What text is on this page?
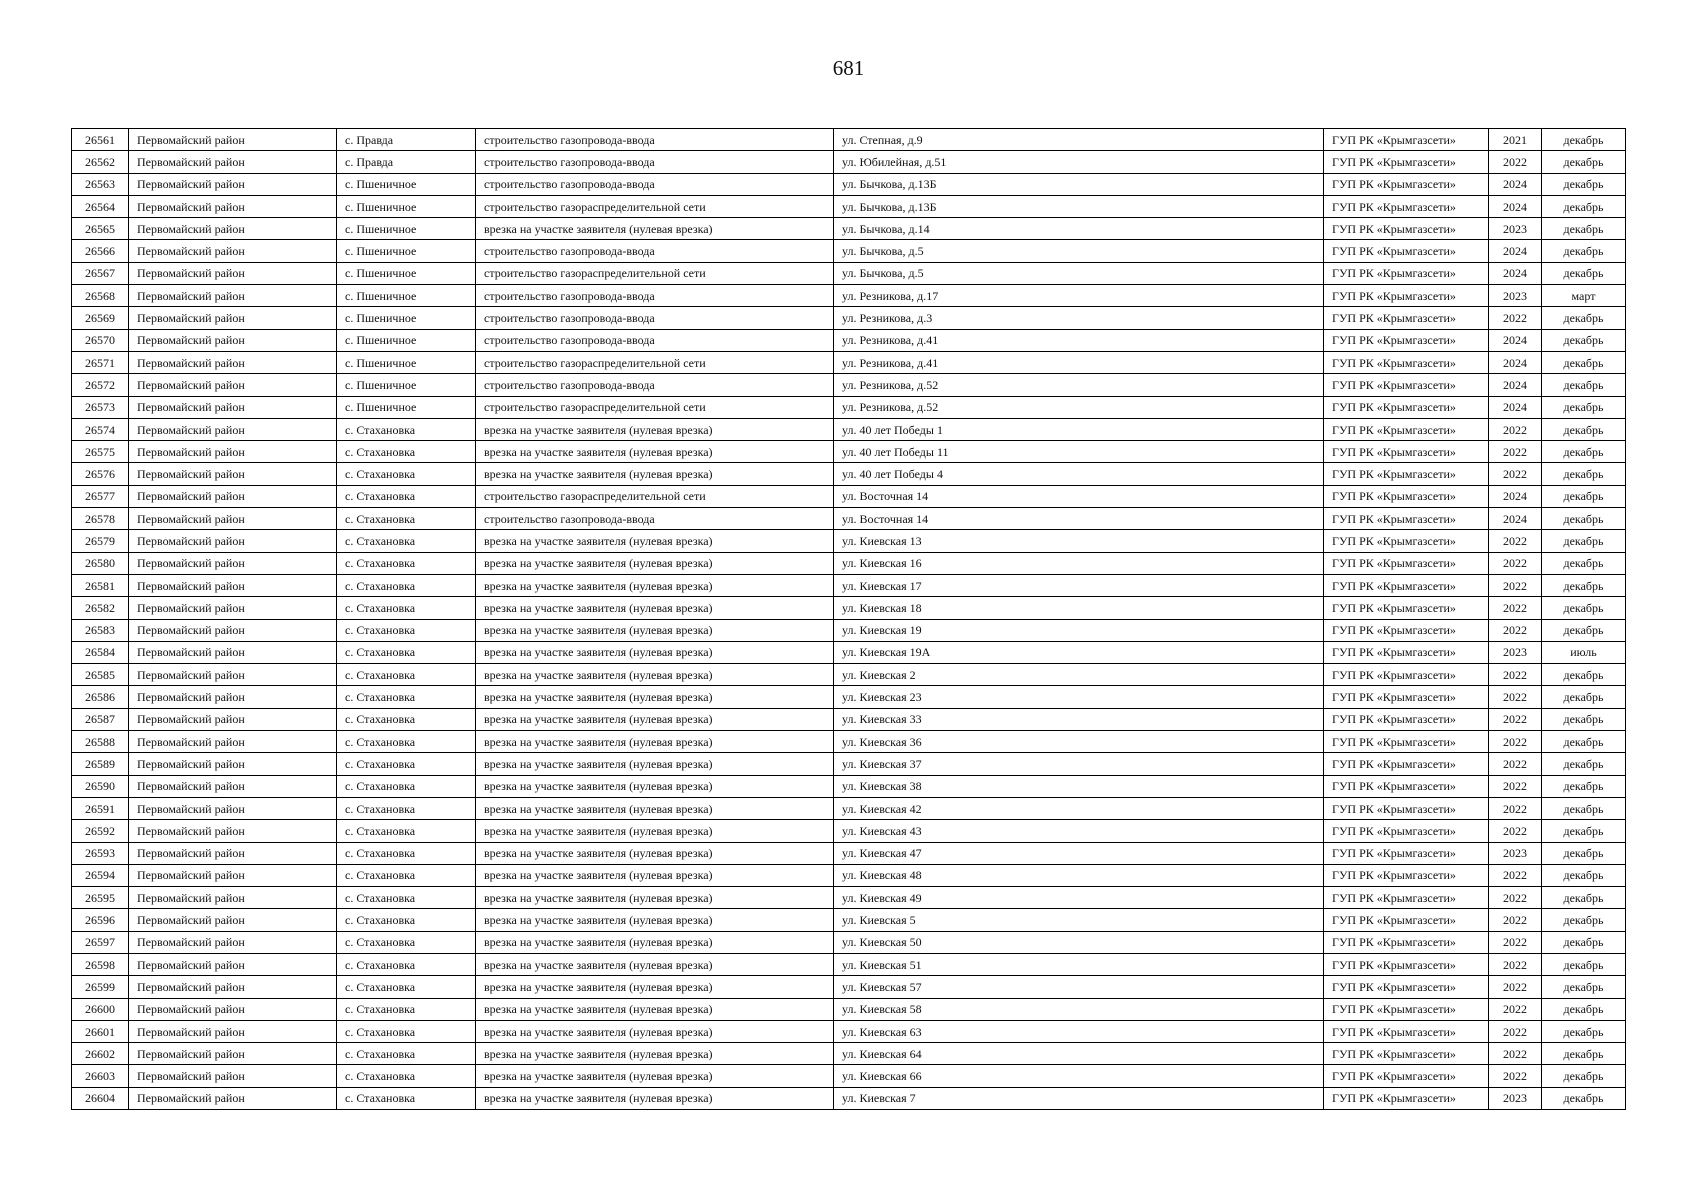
681
26561	Первомайский район	с. Правда	строительство газопровода-ввода	ул. Степная, д.9	ГУП РК «Крымгазсети»	2021	декабрь
26562	Первомайский район	с. Правда	строительство газопровода-ввода	ул. Юбилейная, д.51	ГУП РК «Крымгазсети»	2022	декабрь
26563	Первомайский район	с. Пшеничное	строительство газопровода-ввода	ул. Бычкова, д.13Б	ГУП РК «Крымгазсети»	2024	декабрь
26564	Первомайский район	с. Пшеничное	строительство газораспределительной сети	ул. Бычкова, д.13Б	ГУП РК «Крымгазсети»	2024	декабрь
26565	Первомайский район	с. Пшеничное	врезка на участке заявителя (нулевая врезка)	ул. Бычкова, д.14	ГУП РК «Крымгазсети»	2023	декабрь
26566	Первомайский район	с. Пшеничное	строительство газопровода-ввода	ул. Бычкова, д.5	ГУП РК «Крымгазсети»	2024	декабрь
26567	Первомайский район	с. Пшеничное	строительство газораспределительной сети	ул. Бычкова, д.5	ГУП РК «Крымгазсети»	2024	декабрь
26568	Первомайский район	с. Пшеничное	строительство газопровода-ввода	ул. Резникова, д.17	ГУП РК «Крымгазсети»	2023	март
26569	Первомайский район	с. Пшеничное	строительство газопровода-ввода	ул. Резникова, д.3	ГУП РК «Крымгазсети»	2022	декабрь
26570	Первомайский район	с. Пшеничное	строительство газопровода-ввода	ул. Резникова, д.41	ГУП РК «Крымгазсети»	2024	декабрь
26571	Первомайский район	с. Пшеничное	строительство газораспределительной сети	ул. Резникова, д.41	ГУП РК «Крымгазсети»	2024	декабрь
26572	Первомайский район	с. Пшеничное	строительство газопровода-ввода	ул. Резникова, д.52	ГУП РК «Крымгазсети»	2024	декабрь
26573	Первомайский район	с. Пшеничное	строительство газораспределительной сети	ул. Резникова, д.52	ГУП РК «Крымгазсети»	2024	декабрь
26574	Первомайский район	с. Стахановка	врезка на участке заявителя (нулевая врезка)	ул. 40 лет Победы 1	ГУП РК «Крымгазсети»	2022	декабрь
26575	Первомайский район	с. Стахановка	врезка на участке заявителя (нулевая врезка)	ул. 40 лет Победы 11	ГУП РК «Крымгазсети»	2022	декабрь
26576	Первомайский район	с. Стахановка	врезка на участке заявителя (нулевая врезка)	ул. 40 лет Победы 4	ГУП РК «Крымгазсети»	2022	декабрь
26577	Первомайский район	с. Стахановка	строительство газораспределительной сети	ул. Восточная 14	ГУП РК «Крымгазсети»	2024	декабрь
26578	Первомайский район	с. Стахановка	строительство газопровода-ввода	ул. Восточная 14	ГУП РК «Крымгазсети»	2024	декабрь
26579	Первомайский район	с. Стахановка	врезка на участке заявителя (нулевая врезка)	ул. Киевская 13	ГУП РК «Крымгазсети»	2022	декабрь
26580	Первомайский район	с. Стахановка	врезка на участке заявителя (нулевая врезка)	ул. Киевская 16	ГУП РК «Крымгазсети»	2022	декабрь
26581	Первомайский район	с. Стахановка	врезка на участке заявителя (нулевая врезка)	ул. Киевская 17	ГУП РК «Крымгазсети»	2022	декабрь
26582	Первомайский район	с. Стахановка	врезка на участке заявителя (нулевая врезка)	ул. Киевская 18	ГУП РК «Крымгазсети»	2022	декабрь
26583	Первомайский район	с. Стахановка	врезка на участке заявителя (нулевая врезка)	ул. Киевская 19	ГУП РК «Крымгазсети»	2022	декабрь
26584	Первомайский район	с. Стахановка	врезка на участке заявителя (нулевая врезка)	ул. Киевская 19А	ГУП РК «Крымгазсети»	2023	июль
26585	Первомайский район	с. Стахановка	врезка на участке заявителя (нулевая врезка)	ул. Киевская 2	ГУП РК «Крымгазсети»	2022	декабрь
26586	Первомайский район	с. Стахановка	врезка на участке заявителя (нулевая врезка)	ул. Киевская 23	ГУП РК «Крымгазсети»	2022	декабрь
26587	Первомайский район	с. Стахановка	врезка на участке заявителя (нулевая врезка)	ул. Киевская 33	ГУП РК «Крымгазсети»	2022	декабрь
26588	Первомайский район	с. Стахановка	врезка на участке заявителя (нулевая врезка)	ул. Киевская 36	ГУП РК «Крымгазсети»	2022	декабрь
26589	Первомайский район	с. Стахановка	врезка на участке заявителя (нулевая врезка)	ул. Киевская 37	ГУП РК «Крымгазсети»	2022	декабрь
26590	Первомайский район	с. Стахановка	врезка на участке заявителя (нулевая врезка)	ул. Киевская 38	ГУП РК «Крымгазсети»	2022	декабрь
26591	Первомайский район	с. Стахановка	врезка на участке заявителя (нулевая врезка)	ул. Киевская 42	ГУП РК «Крымгазсети»	2022	декабрь
26592	Первомайский район	с. Стахановка	врезка на участке заявителя (нулевая врезка)	ул. Киевская 43	ГУП РК «Крымгазсети»	2022	декабрь
26593	Первомайский район	с. Стахановка	врезка на участке заявителя (нулевая врезка)	ул. Киевская 47	ГУП РК «Крымгазсети»	2023	декабрь
26594	Первомайский район	с. Стахановка	врезка на участке заявителя (нулевая врезка)	ул. Киевская 48	ГУП РК «Крымгазсети»	2022	декабрь
26595	Первомайский район	с. Стахановка	врезка на участке заявителя (нулевая врезка)	ул. Киевская 49	ГУП РК «Крымгазсети»	2022	декабрь
26596	Первомайский район	с. Стахановка	врезка на участке заявителя (нулевая врезка)	ул. Киевская 5	ГУП РК «Крымгазсети»	2022	декабрь
26597	Первомайский район	с. Стахановка	врезка на участке заявителя (нулевая врезка)	ул. Киевская 50	ГУП РК «Крымгазсети»	2022	декабрь
26598	Первомайский район	с. Стахановка	врезка на участке заявителя (нулевая врезка)	ул. Киевская 51	ГУП РК «Крымгазсети»	2022	декабрь
26599	Первомайский район	с. Стахановка	врезка на участке заявителя (нулевая врезка)	ул. Киевская 57	ГУП РК «Крымгазсети»	2022	декабрь
26600	Первомайский район	с. Стахановка	врезка на участке заявителя (нулевая врезка)	ул. Киевская 58	ГУП РК «Крымгазсети»	2022	декабрь
26601	Первомайский район	с. Стахановка	врезка на участке заявителя (нулевая врезка)	ул. Киевская 63	ГУП РК «Крымгазсети»	2022	декабрь
26602	Первомайский район	с. Стахановка	врезка на участке заявителя (нулевая врезка)	ул. Киевская 64	ГУП РК «Крымгазсети»	2022	декабрь
26603	Первомайский район	с. Стахановка	врезка на участке заявителя (нулевая врезка)	ул. Киевская 66	ГУП РК «Крымгазсети»	2022	декабрь
26604	Первомайский район	с. Стахановка	врезка на участке заявителя (нулевая врезка)	ул. Киевская 7	ГУП РК «Крымгазсети»	2023	декабрь
